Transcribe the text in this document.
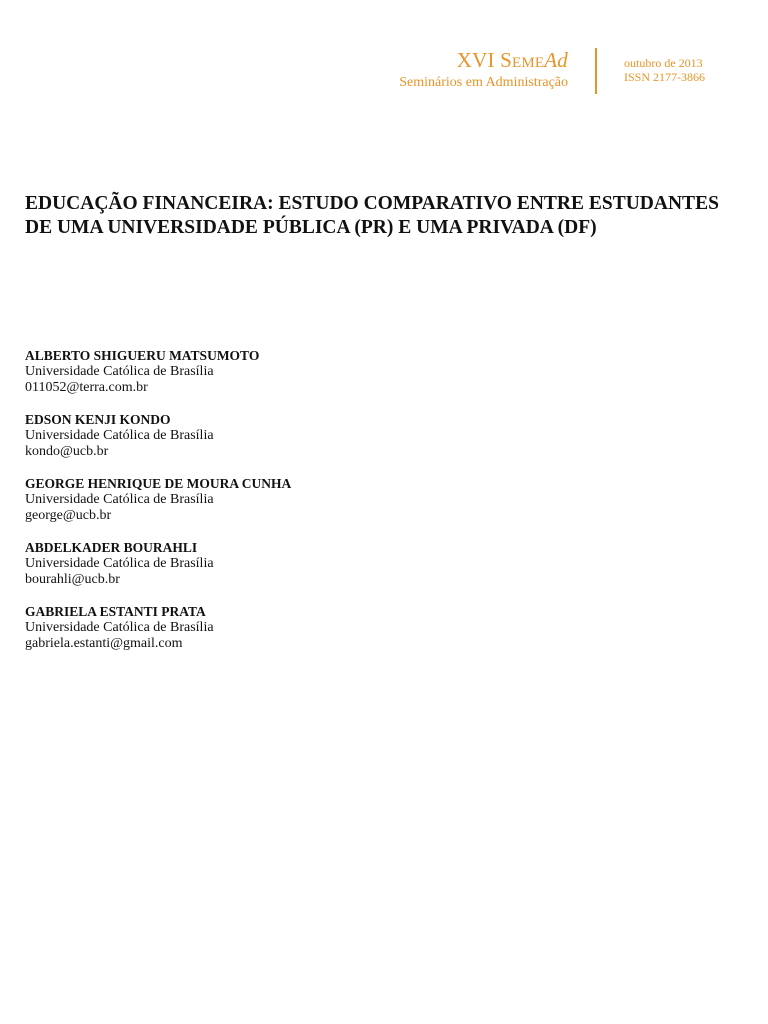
XVI SemeAd
Seminários em Administração
outubro de 2013
ISSN 2177-3866
EDUCAÇÃO FINANCEIRA: ESTUDO COMPARATIVO ENTRE ESTUDANTES DE UMA UNIVERSIDADE PÚBLICA (PR) E UMA PRIVADA (DF)
ALBERTO SHIGUERU MATSUMOTO
Universidade Católica de Brasília
011052@terra.com.br
EDSON KENJI KONDO
Universidade Católica de Brasília
kondo@ucb.br
GEORGE HENRIQUE DE MOURA CUNHA
Universidade Católica de Brasília
george@ucb.br
ABDELKADER BOURAHLI
Universidade Católica de Brasília
bourahli@ucb.br
GABRIELA ESTANTI PRATA
Universidade Católica de Brasília
gabriela.estanti@gmail.com
